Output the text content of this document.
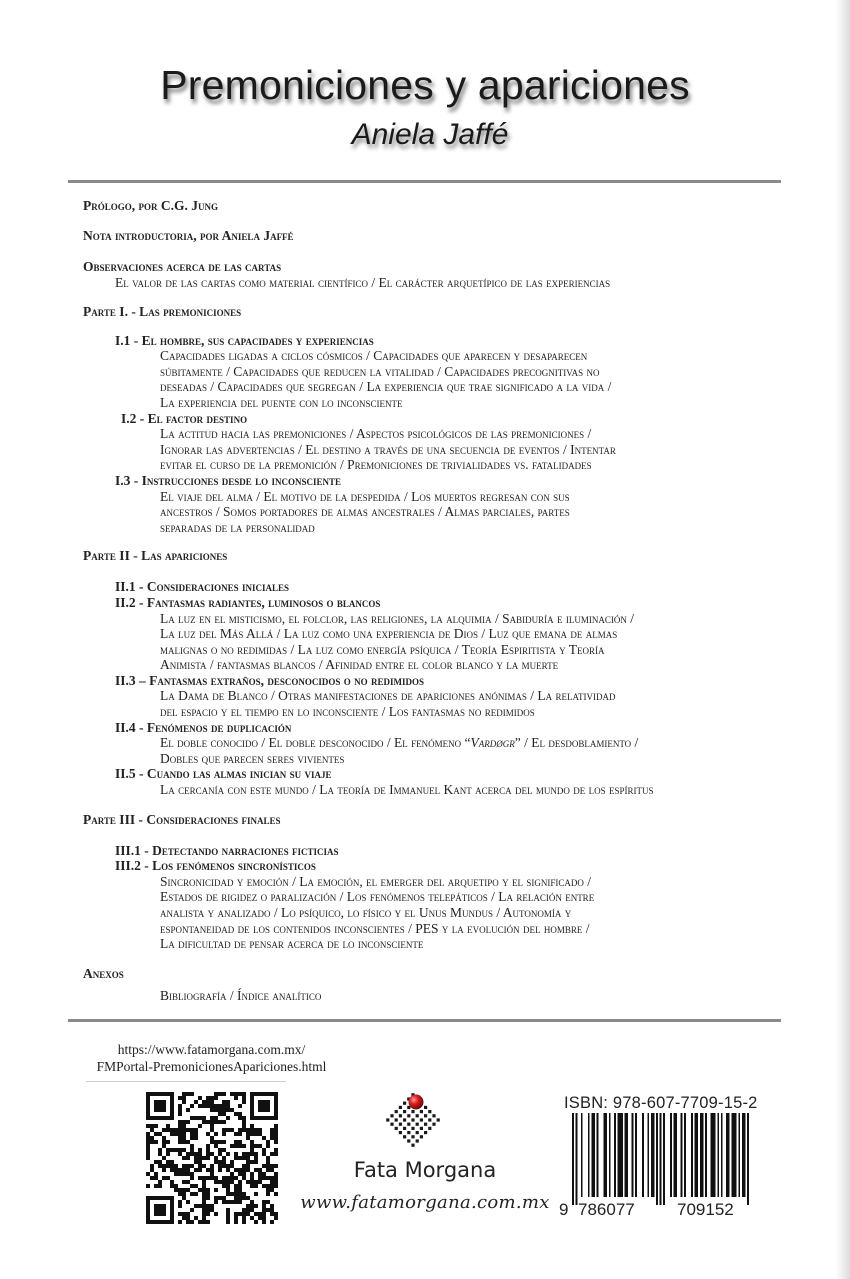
Premoniciones y apariciones
Aniela Jaffé

Prólogo, por C.G. Jung

Nota introductoria, por Aniela Jaffé

Observaciones acerca de las cartas

El valor de las cartas como material científico / El carácter arquetípico de las experiencias

Parte I. - Las premoniciones

I.1 - El hombre, sus capacidades y experiencias

Capacidades ligadas a ciclos cósmicos / Capacidades que aparecen y desaparecen

súbitamente / Capacidades que reducen la vitalidad / Capacidades precognitivas no

deseadas / Capacidades que segregan / La experiencia que trae significado a la vida /

La experiencia del puente con lo inconsciente

I.2 - El factor destino

La actitud hacia las premoniciones / Aspectos psicológicos de las premoniciones /

Ignorar las advertencias / El destino a través de una secuencia de eventos / Intentar

evitar el curso de la premonición / Premoniciones de trivialidades vs. fatalidades

I.3 - Instrucciones desde lo inconsciente

El viaje del alma / El motivo de la despedida / Los muertos regresan con sus

ancestros / Somos portadores de almas ancestrales / Almas parciales, partes

separadas de la personalidad

Parte II - Las apariciones

II.1 - Consideraciones iniciales

II.2 - Fantasmas radiantes, luminosos o blancos

La luz en el misticismo, el folclor, las religiones, la alquimia / Sabiduría e iluminación /

La luz del Más Allá / La luz como una experiencia de Dios / Luz que emana de almas

malignas o no redimidas / La luz como energía psíquica / Teoría Espiritista y Teoría

Animista / fantasmas blancos / Afinidad entre el color blanco y la muerte

II.3 – Fantasmas extraños, desconocidos o no redimidos

La Dama de Blanco / Otras manifestaciones de apariciones anónimas / La relatividad

del espacio y el tiempo en lo inconsciente / Los fantasmas no redimidos

II.4 - Fenómenos de duplicación

El doble conocido / El doble desconocido / El fenómeno “Vardøgr” / El desdoblamiento /

Dobles que parecen seres vivientes

II.5 - Cuando las almas inician su viaje

La cercanía con este mundo / La teoría de Immanuel Kant acerca del mundo de los espíritus

Parte III - Consideraciones finales

III.1 - Detectando narraciones ficticias

III.2 - Los fenómenos sincronísticos

Sincronicidad y emoción / La emoción, el emerger del arquetipo y el significado /

Estados de rigidez o paralización / Los fenómenos telepáticos / La relación entre

analista y analizado / Lo psíquico, lo físico y el Unus Mundus / Autonomía y

espontaneidad de los contenidos inconscientes / PES y la evolución del hombre /

La dificultad de pensar acerca de lo inconsciente

Anexos

Bibliografía / Índice analítico

https://www.fatamorgana.com.mx/
FMPortal-PremonicionesApariciones.html
Fata Morgana
www.fatamorgana.com.mx
ISBN: 978-607-7709-15-2
9 786077 709152
